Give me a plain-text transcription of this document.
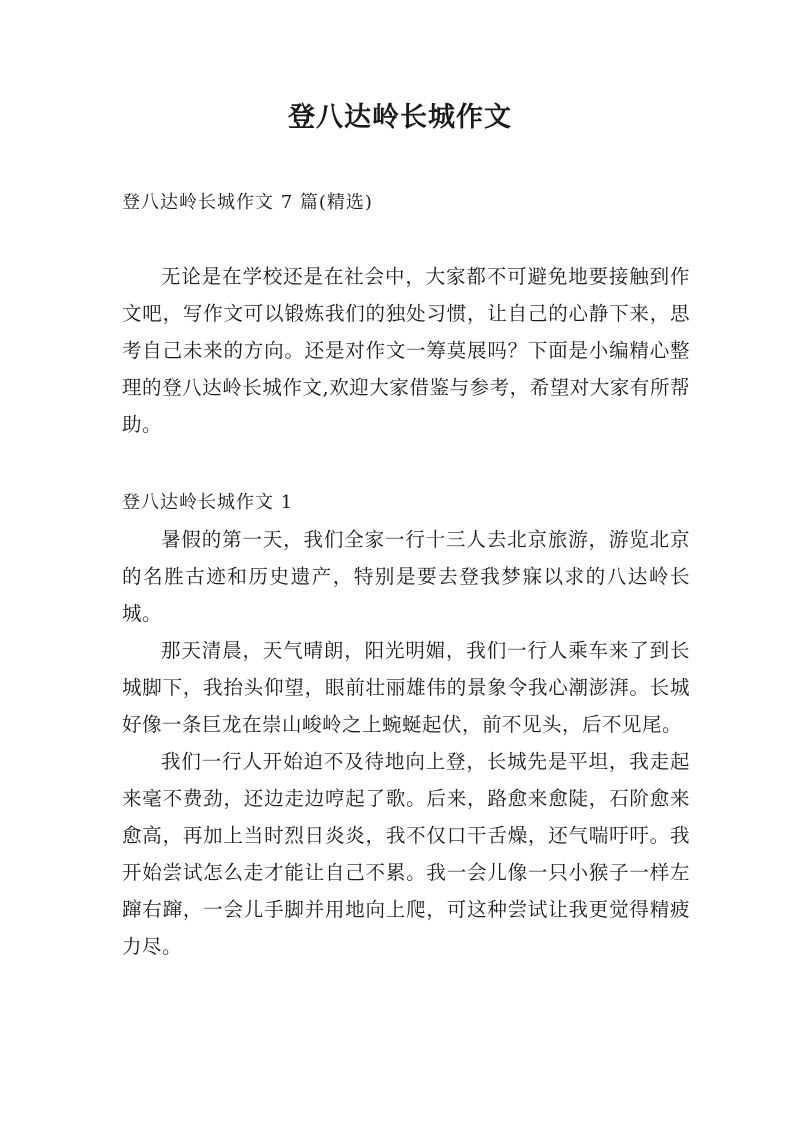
登八达岭长城作文
登八达岭长城作文 7 篇(精选)

无论是在学校还是在社会中，大家都不可避免地要接触到作文吧，写作文可以锻炼我们的独处习惯，让自己的心静下来，思考自己未来的方向。还是对作文一筹莫展吗？下面是小编精心整理的登八达岭长城作文,欢迎大家借鉴与参考，希望对大家有所帮助。

登八达岭长城作文 1

暑假的第一天，我们全家一行十三人去北京旅游，游览北京的名胜古迹和历史遗产，特别是要去登我梦寐以求的八达岭长城。

那天清晨，天气晴朗，阳光明媚，我们一行人乘车来了到长城脚下，我抬头仰望，眼前壮丽雄伟的景象令我心潮澎湃。长城好像一条巨龙在崇山峻岭之上蜿蜒起伏，前不见头，后不见尾。

我们一行人开始迫不及待地向上登，长城先是平坦，我走起来毫不费劲，还边走边哼起了歌。后来，路愈来愈陡，石阶愈来愈高，再加上当时烈日炎炎，我不仅口干舌燥，还气喘吁吁。我开始尝试怎么走才能让自己不累。我一会儿像一只小猴子一样左蹿右蹿，一会儿手脚并用地向上爬，可这种尝试让我更觉得精疲力尽。
